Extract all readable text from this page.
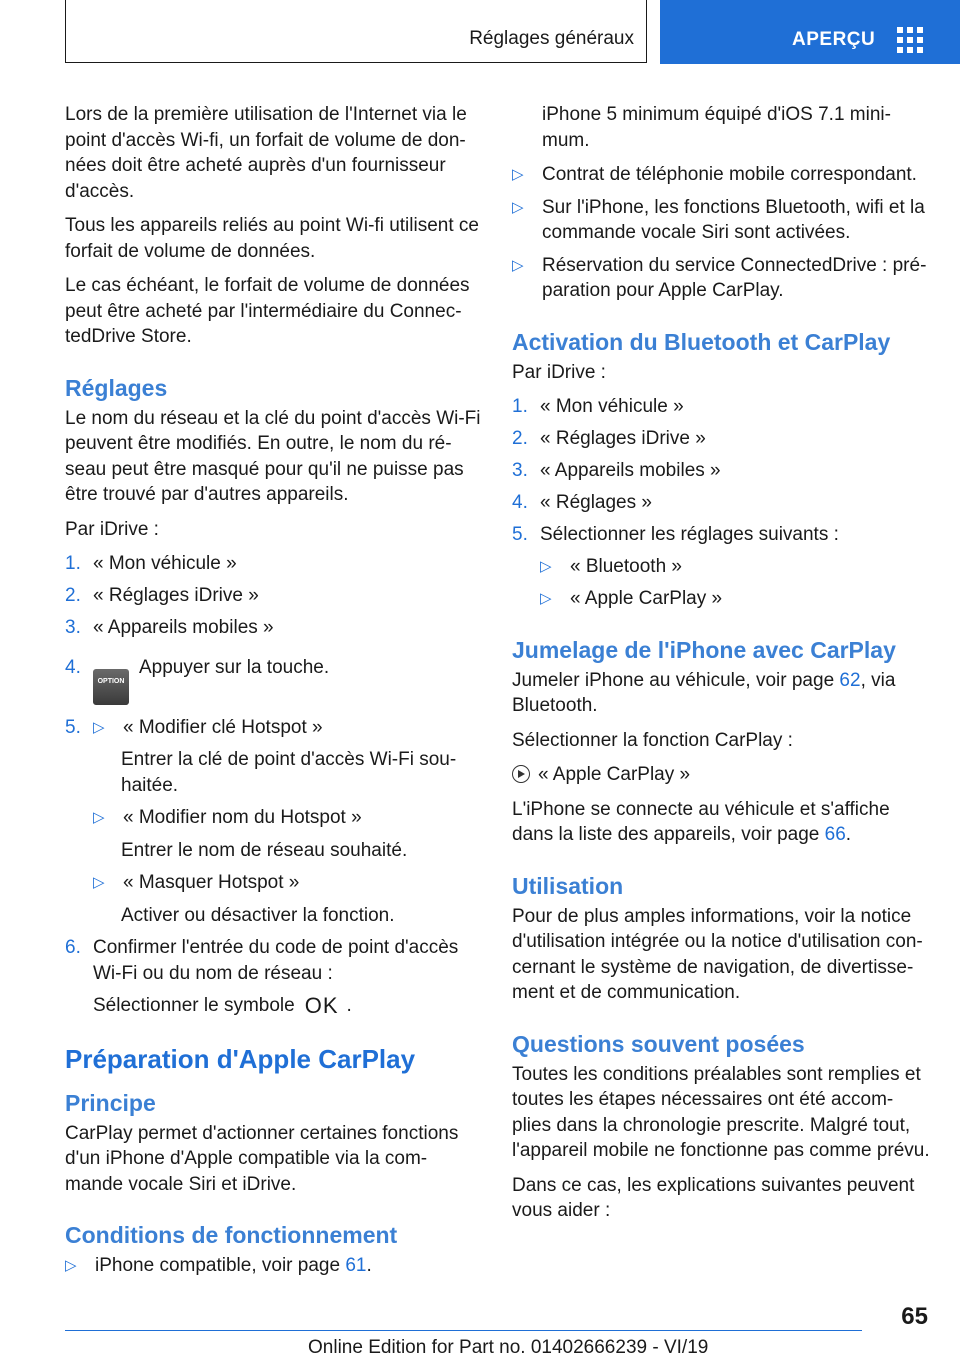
Réglages généraux	APERÇU

Lors de la première utilisation de l'Internet via le point d'accès Wi-fi, un forfait de volume de don-nées doit être acheté auprès d'un fournisseur d'accès.

Tous les appareils reliés au point Wi-fi utilisent ce forfait de volume de données.

Le cas échéant, le forfait de volume de données peut être acheté par l'intermédiaire du Connec-tedDrive Store.

Réglages

Le nom du réseau et la clé du point d'accès Wi-Fi peuvent être modifiés. En outre, le nom du ré-seau peut être masqué pour qu'il ne puisse pas être trouvé par d'autres appareils.

Par iDrive :

1. « Mon véhicule »
2. « Réglages iDrive »
3. « Appareils mobiles »
4.
OPTIONAppuyer sur la touche.
5. ▷ « Modifier clé Hotspot »
Entrer la clé de point d'accès Wi-Fi sou-haitée.
▷ « Modifier nom du Hotspot »
Entrer le nom de réseau souhaité.
▷ « Masquer Hotspot »
Activer ou désactiver la fonction.
6. Confirmer l'entrée du code de point d'accès Wi-Fi ou du nom de réseau :
Sélectionner le symbole OK .
Préparation d'Apple CarPlay
Principe

CarPlay permet d'actionner certaines fonctions d'un iPhone d'Apple compatible via la com-mande vocale Siri et iDrive.

Conditions de fonctionnement
▷ iPhone compatible, voir page 61.

iPhone 5 minimum équipé d'iOS 7.1 mini-mum.

▷ Contrat de téléphonie mobile correspondant.
▷ Sur l'iPhone, les fonctions Bluetooth, wifi et la commande vocale Siri sont activées.
▷ Réservation du service ConnectedDrive : pré-paration pour Apple CarPlay.
Activation du Bluetooth et CarPlay

Par iDrive :

1. « Mon véhicule »
2. « Réglages iDrive »
3. « Appareils mobiles »
4. « Réglages »
5. Sélectionner les réglages suivants :
▷ « Bluetooth »
▷ « Apple CarPlay »
Jumelage de l'iPhone avec CarPlay

Jumeler iPhone au véhicule, voir page 62, via Bluetooth.

Sélectionner la fonction CarPlay :

« Apple CarPlay »

L'iPhone se connecte au véhicule et s'affiche dans la liste des appareils, voir page 66.

Utilisation

Pour de plus amples informations, voir la notice d'utilisation intégrée ou la notice d'utilisation con-cernant le système de navigation, de divertisse-ment et de communication.

Questions souvent posées

Toutes les conditions préalables sont remplies et toutes les étapes nécessaires ont été accom-plies dans la chronologie prescrite. Malgré tout, l'appareil mobile ne fonctionne pas comme prévu.

Dans ce cas, les explications suivantes peuvent vous aider :

65
Online Edition for Part no. 01402666239 - VI/19
